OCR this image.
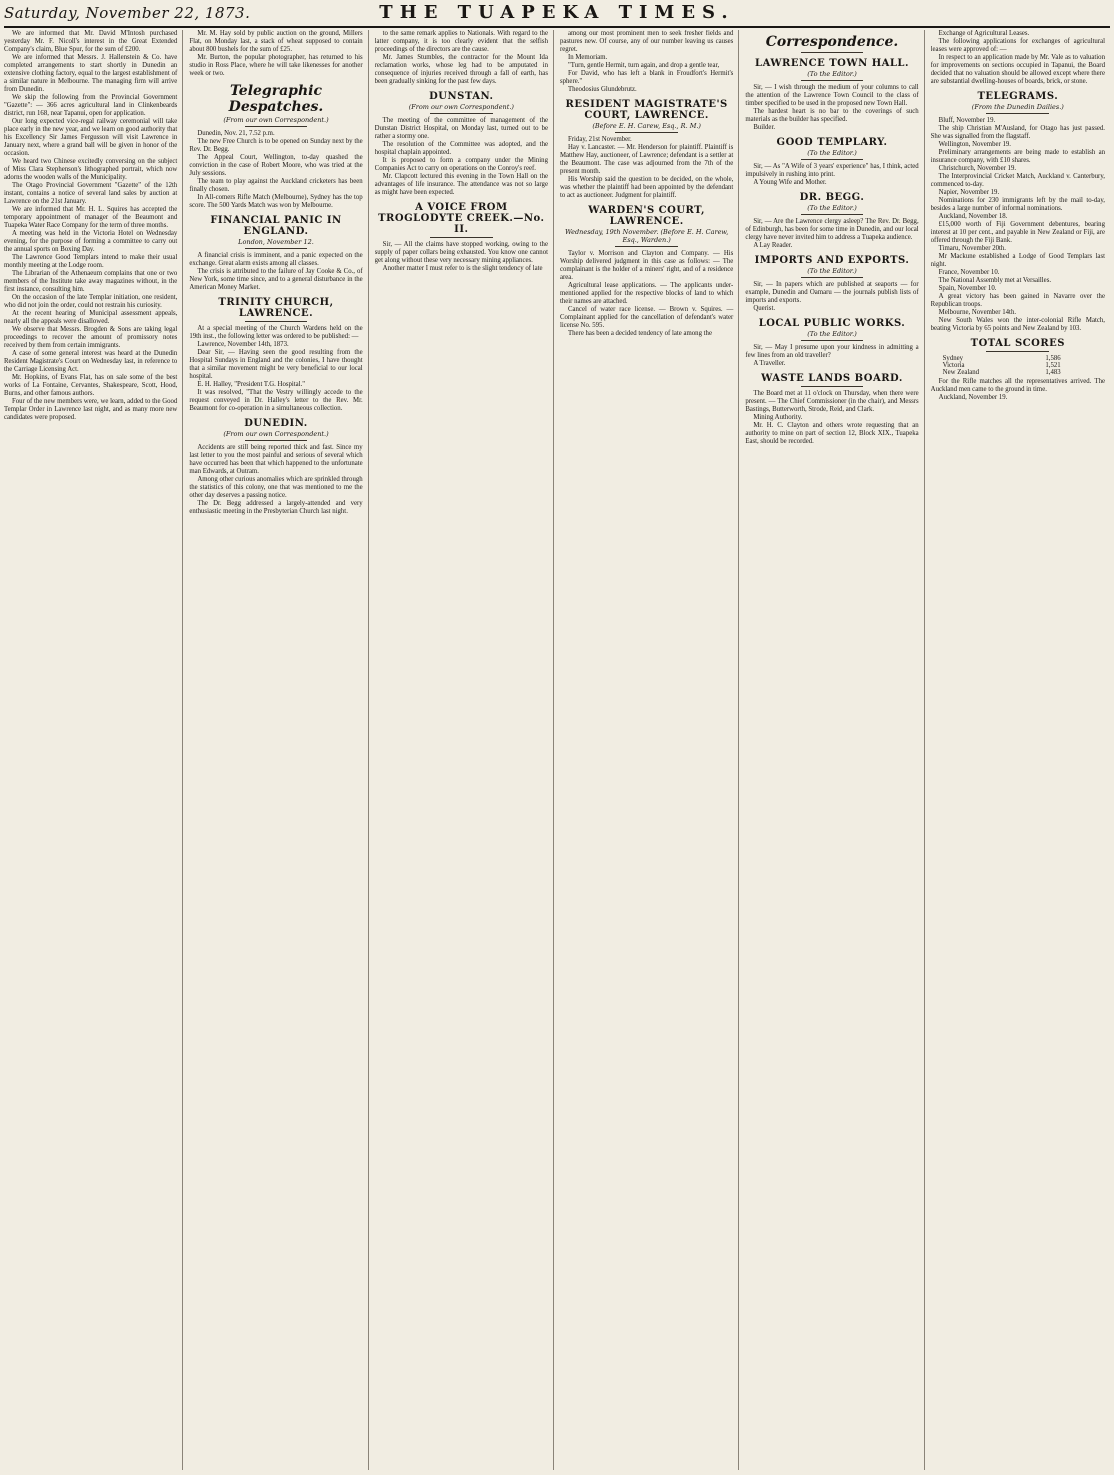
Saturday, November 22, 1873.	THE TUAPEKA TIMES.

We are informed that Mr. David M'Intosh purchased yesterday Mr. F. Nicoll's interest in the Great Extended Company's claim, Blue Spur, for the sum of £200.

We are informed that Messrs. J. Hallenstein & Co. have completed arrangements to start shortly in Dunedin an extensive clothing factory, equal to the largest establishment of a similar nature in Melbourne. The managing firm will arrive from Dunedin.

We skip the following from the Provincial Government "Gazette": — 366 acres agricultural land in Clinkenbeards district, run 168, near Tapanui, open for application.

Our long expected vice-regal railway ceremonial will take place early in the new year, and we learn on good authority that his Excellency Sir James Fergusson will visit Lawrence in January next, where a grand ball will be given in honor of the occasion.

We heard two Chinese excitedly conversing on the subject of Miss Clara Stephenson's lithographed portrait, which now adorns the wooden walls of the Municipality.

The Otago Provincial Government "Gazette" of the 12th instant, contains a notice of several land sales by auction at Lawrence on the 21st January.

We are informed that Mr. H. L. Squires has accepted the temporary appointment of manager of the Beaumont and Tuapeka Water Race Company for the term of three months.

A meeting was held in the Victoria Hotel on Wednesday evening, for the purpose of forming a committee to carry out the annual sports on Boxing Day.

The Lawrence Good Templars intend to make their usual monthly meeting at the Lodge room.

The Librarian of the Athenaeum complains that one or two members of the Institute take away magazines without, in the first instance, consulting him.

On the occasion of the late Templar initiation, one resident, who did not join the order, could not restrain his curiosity.

At the recent hearing of Municipal assessment appeals, nearly all the appeals were disallowed.

We observe that Messrs. Brogden & Sons are taking legal proceedings to recover the amount of promissory notes received by them from certain immigrants.

A case of some general interest was heard at the Dunedin Resident Magistrate's Court on Wednesday last, in reference to the Carriage Licensing Act.

Mr. Hopkins, of Evans Flat, has on sale some of the best works of La Fontaine, Cervantes, Shakespeare, Scott, Hood, Burns, and other famous authors.

Four of the new members were, we learn, added to the Good Templar Order in Lawrence last night, and as many more new candidates were proposed.

Mr. M. Hay sold by public auction on the ground, Millers Flat, on Monday last, a stack of wheat supposed to contain about 800 bushels for the sum of £25.

Mr. Burton, the popular photographer, has returned to his studio in Ross Place, where he will take likenesses for another week or two.

Telegraphic Despatches.
(From our own Correspondent.)

Dunedin, Nov. 21, 7.52 p.m.

The new Free Church is to be opened on Sunday next by the Rev. Dr. Begg.

The Appeal Court, Wellington, to-day quashed the conviction in the case of Robert Moore, who was tried at the July sessions.

The team to play against the Auckland cricketers has been finally chosen.

In All-comers Rifle Match (Melbourne), Sydney has the top score. The 500 Yards Match was won by Melbourne.

FINANCIAL PANIC IN ENGLAND.
London, November 12.

A financial crisis is imminent, and a panic expected on the exchange. Great alarm exists among all classes.

The crisis is attributed to the failure of Jay Cooke & Co., of New York, some time since, and to a general disturbance in the American Money Market.

TRINITY CHURCH, LAWRENCE.

At a special meeting of the Church Wardens held on the 19th inst., the following letter was ordered to be published: —

Lawrence, November 14th, 1873.

Dear Sir, — Having seen the good resulting from the Hospital Sundays in England and the colonies, I have thought that a similar movement might be very beneficial to our local hospital.

E. H. Halley, "President T.G. Hospital."

It was resolved, "That the Vestry willingly accede to the request conveyed in Dr. Halley's letter to the Rev. Mr. Beaumont for co-operation in a simultaneous collection.

DUNEDIN.
(From our own Correspondent.)

Accidents are still being reported thick and fast. Since my last letter to you the most painful and serious of several which have occurred has been that which happened to the unfortunate man Edwards, at Outram.

Among other curious anomalies which are sprinkled through the statistics of this colony, one that was mentioned to me the other day deserves a passing notice.

The Dr. Begg addressed a largely-attended and very enthusiastic meeting in the Presbyterian Church last night.

to the same remark applies to Nationals. With regard to the latter company, it is too clearly evident that the selfish proceedings of the directors are the cause.

Mr. James Stumbles, the contractor for the Mount Ida reclamation works, whose leg had to be amputated in consequence of injuries received through a fall of earth, has been gradually sinking for the past few days.

DUNSTAN.
(From our own Correspondent.)

The meeting of the committee of management of the Dunstan District Hospital, on Monday last, turned out to be rather a stormy one.

The resolution of the Committee was adopted, and the hospital chaplain appointed.

It is proposed to form a company under the Mining Companies Act to carry on operations on the Conroy's reef.

Mr. Clapcott lectured this evening in the Town Hall on the advantages of life insurance. The attendance was not so large as might have been expected.

A VOICE FROM TROGLODYTE CREEK.—No. II.

Sir, — All the claims have stopped working, owing to the supply of paper collars being exhausted. You know one cannot get along without these very necessary mining appliances.

Another matter I must refer to is the slight tendency of late

among our most prominent men to seek fresher fields and pastures new. Of course, any of our number leaving us causes regret.

In Memoriam.

"Turn, gentle Hermit, turn again, and drop a gentle tear,

For David, who has left a blank in Froudfort's Hermit's sphere."

Theodosius Glundebrutz.

RESIDENT MAGISTRATE'S COURT, LAWRENCE.
(Before E. H. Carew, Esq., R. M.)

Friday, 21st November.

Hay v. Lancaster. — Mr. Henderson for plaintiff. Plaintiff is Matthew Hay, auctioneer, of Lawrence; defendant is a settler at the Beaumont. The case was adjourned from the 7th of the present month.

His Worship said the question to be decided, on the whole, was whether the plaintiff had been appointed by the defendant to act as auctioneer. Judgment for plaintiff.

WARDEN'S COURT, LAWRENCE.
Wednesday, 19th November. (Before E. H. Carew, Esq., Warden.)

Taylor v. Morrison and Clayton and Company. — His Worship delivered judgment in this case as follows: — The complainant is the holder of a miners' right, and of a residence area.

Agricultural lease applications. — The applicants under-mentioned applied for the respective blocks of land to which their names are attached.

Cancel of water race license. — Brown v. Squires. — Complainant applied for the cancellation of defendant's water license No. 595.

There has been a decided tendency of late among the

Correspondence.
LAWRENCE TOWN HALL.
(To the Editor.)

Sir, — I wish through the medium of your columns to call the attention of the Lawrence Town Council to the class of timber specified to be used in the proposed new Town Hall.

The hardest heart is no bar to the coverings of such materials as the builder has specified.

Builder.

GOOD TEMPLARY.
(To the Editor.)

Sir, — As "A Wife of 3 years' experience" has, I think, acted impulsively in rushing into print.

A Young Wife and Mother.

DR. BEGG.
(To the Editor.)

Sir, — Are the Lawrence clergy asleep? The Rev. Dr. Begg, of Edinburgh, has been for some time in Dunedin, and our local clergy have never invited him to address a Tuapeka audience.

A Lay Reader.

IMPORTS AND EXPORTS.
(To the Editor.)

Sir, — In papers which are published at seaports — for example, Dunedin and Oamaru — the journals publish lists of imports and exports.

Querist.

LOCAL PUBLIC WORKS.
(To the Editor.)

Sir, — May I presume upon your kindness in admitting a few lines from an old traveller?

A Traveller.

WASTE LANDS BOARD.

The Board met at 11 o'clock on Thursday, when there were present. — The Chief Commissioner (in the chair), and Messrs Bastings, Butterworth, Strode, Reid, and Clark.

Mining Authority.

Mr. H. C. Clayton and others wrote requesting that an authority to mine on part of section 12, Block XIX., Tuapeka East, should be recorded.

Exchange of Agricultural Leases.

The following applications for exchanges of agricultural leases were approved of: —

In respect to an application made by Mr. Vale as to valuation for improvements on sections occupied in Tapanui, the Board decided that no valuation should be allowed except where there are substantial dwelling-houses of boards, brick, or stone.

TELEGRAMS.
(From the Dunedin Dailies.)

Bluff, November 19.

The ship Christian M'Ausland, for Otago has just passed. She was signalled from the flagstaff.

Wellington, November 19.

Preliminary arrangements are being made to establish an insurance company, with £10 shares.

Christchurch, November 19.

The Interprovincial Cricket Match, Auckland v. Canterbury, commenced to-day.

Napier, November 19.

Nominations for 230 immigrants left by the mail to-day, besides a large number of informal nominations.

Auckland, November 18.

£15,000 worth of Fiji Government debentures, bearing interest at 10 per cent., and payable in New Zealand or Fiji, are offered through the Fiji Bank.

Timaru, November 20th.

Mr Mackune established a Lodge of Good Templars last night.

France, November 10.

The National Assembly met at Versailles.

Spain, November 10.

A great victory has been gained in Navarre over the Republican troops.

Melbourne, November 14th.

New South Wales won the inter-colonial Rifle Match, beating Victoria by 65 points and New Zealand by 103.

TOTAL SCORES
Sydney	1,586
Victoria	1,521
New Zealand	1,483

For the Rifle matches all the representatives arrived. The Auckland men came to the ground in time.

Auckland, November 19.
